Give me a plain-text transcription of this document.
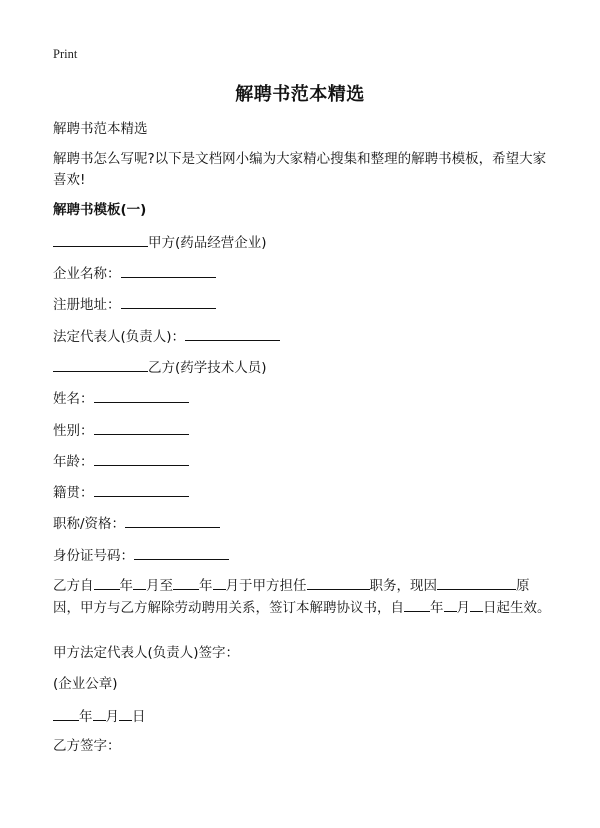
Print
解聘书范本精选
解聘书范本精选
解聘书怎么写呢?以下是文档网小编为大家精心搜集和整理的解聘书模板，希望大家喜欢!
解聘书模板(一)
甲方(药品经营企业)
企业名称：
注册地址：
法定代表人(负责人)：
乙方(药学技术人员)
姓名：
性别：
年龄：
籍贯：
职称/资格：
身份证号码：
乙方自 年 月至 年 月于甲方担任	职务，现因	原因，甲方与乙方解除劳动聘用关系，签订本解聘协议书，自 年 月 日起生效。
甲方法定代表人(负责人)签字：
(企业公章)
年 月 日
乙方签字：
